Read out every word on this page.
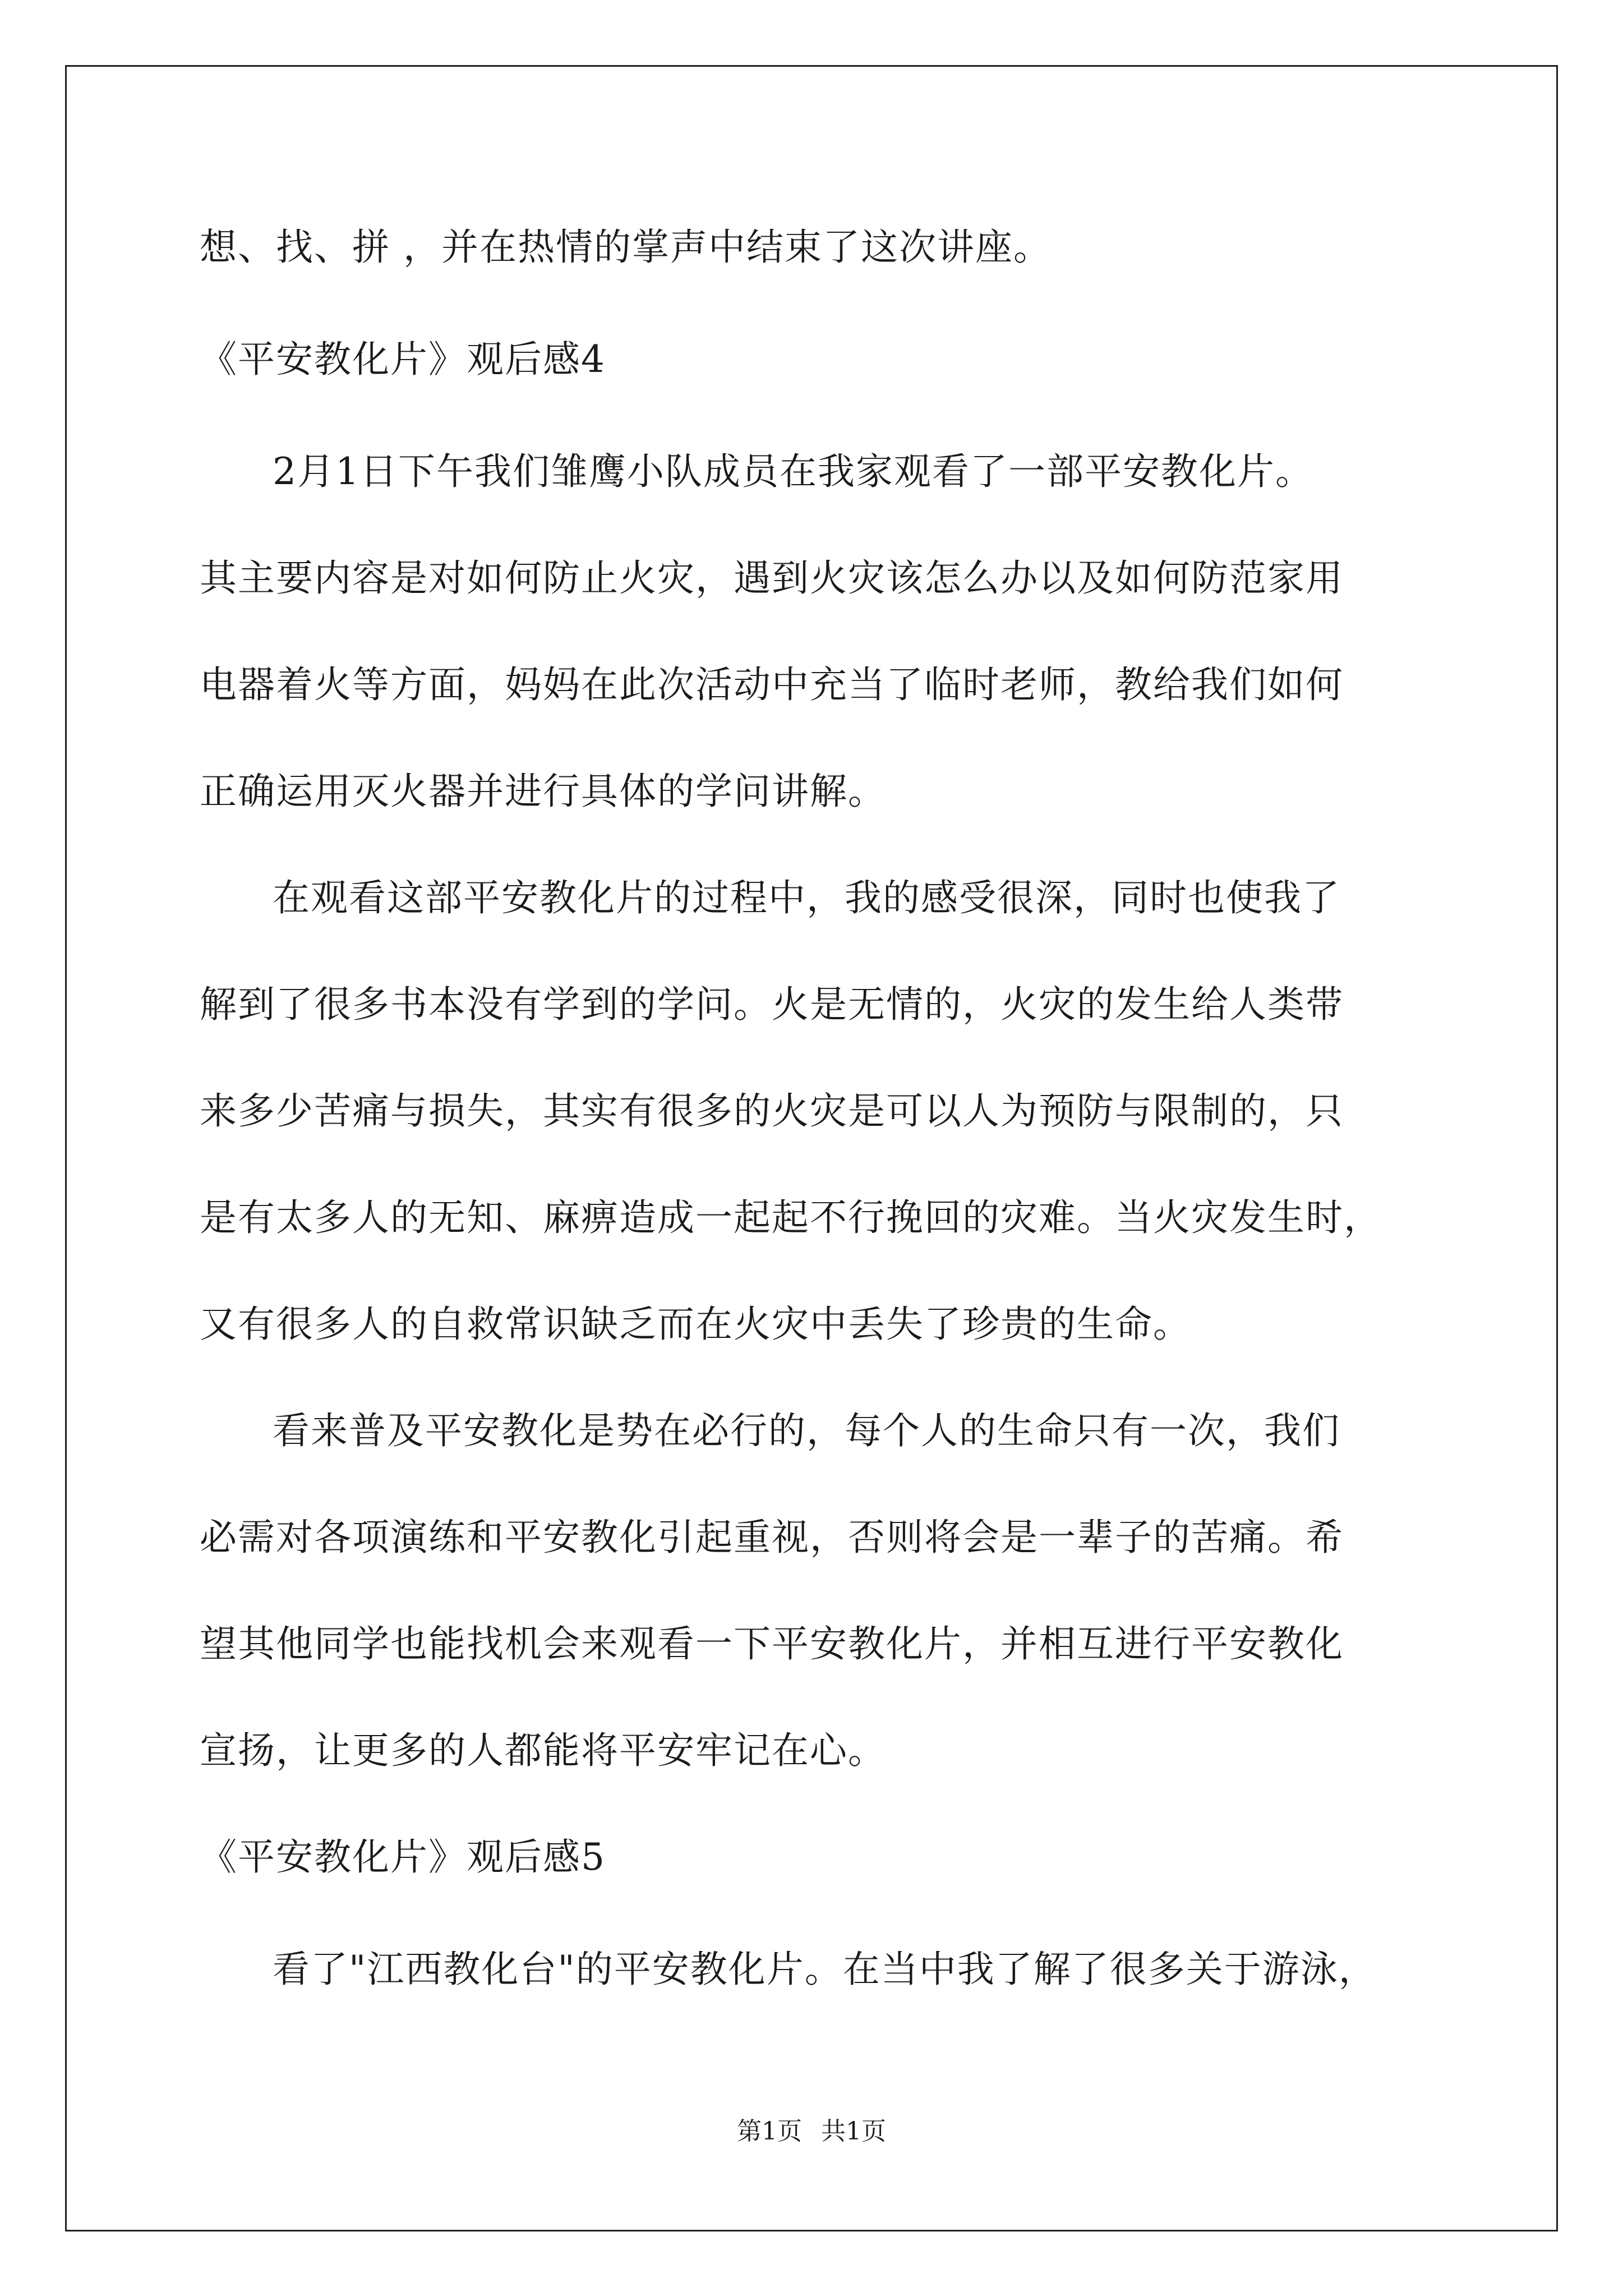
想、找、拼 ，并在热情的掌声中结束了这次讲座。
《平安教化片》观后感4
2月1日下午我们雏鹰小队成员在我家观看了一部平安教化片。
其主要内容是对如何防止火灾，遇到火灾该怎么办以及如何防范家用
电器着火等方面，妈妈在此次活动中充当了临时老师，教给我们如何
正确运用灭火器并进行具体的学问讲解。
在观看这部平安教化片的过程中，我的感受很深，同时也使我了
解到了很多书本没有学到的学问。火是无情的，火灾的发生给人类带
来多少苦痛与损失，其实有很多的火灾是可以人为预防与限制的，只
是有太多人的无知、麻痹造成一起起不行挽回的灾难。当火灾发生时，
又有很多人的自救常识缺乏而在火灾中丢失了珍贵的生命。
看来普及平安教化是势在必行的，每个人的生命只有一次，我们
必需对各项演练和平安教化引起重视，否则将会是一辈子的苦痛。希
望其他同学也能找机会来观看一下平安教化片，并相互进行平安教化
宣扬，让更多的人都能将平安牢记在心。
《平安教化片》观后感5
看了"江西教化台"的平安教化片。在当中我了解了很多关于游泳，
第1页 共1页
